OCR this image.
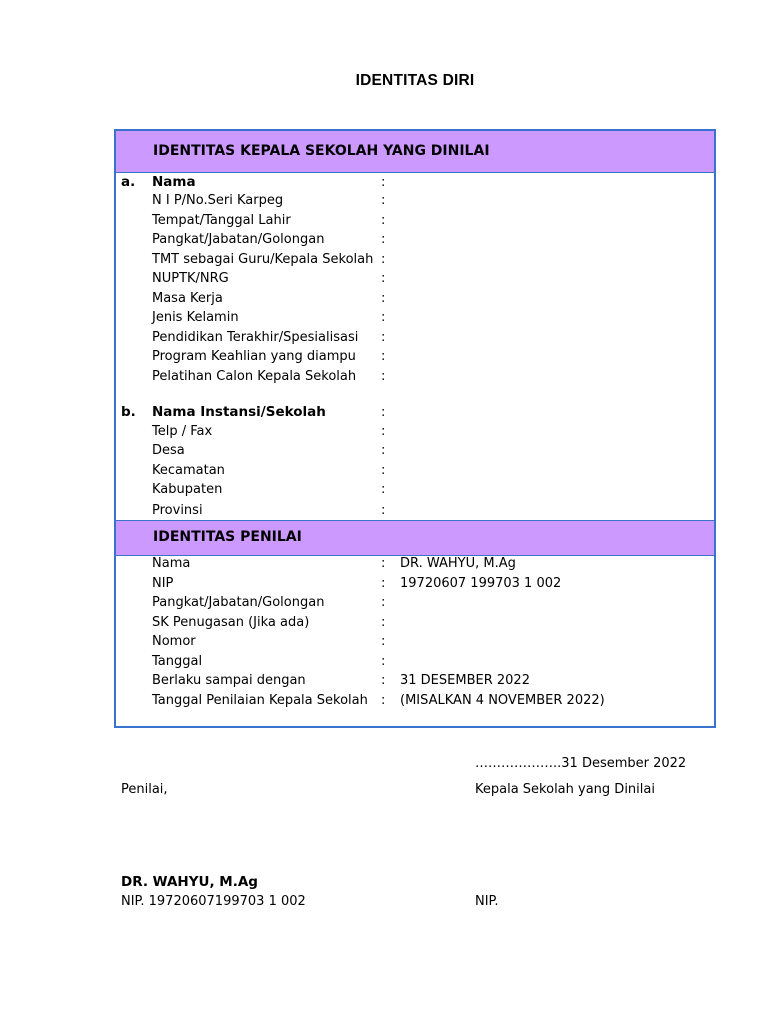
IDENTITAS DIRI
IDENTITAS KEPALA SEKOLAH YANG DINILAI
IDENTITAS PENILAI
a. Nama
N I P/No.Seri Karpeg
Tempat/Tanggal Lahir
Pangkat/Jabatan/Golongan
TMT sebagai Guru/Kepala Sekolah
NUPTK/NRG
Masa Kerja
Jenis Kelamin
Pendidikan Terakhir/Spesialisasi
Program Keahlian yang diampu
Pelatihan Calon Kepala Sekolah
:
:
:
:
:
:
:
:
:
:
:
b. Nama Instansi/Sekolah
Telp / Fax
Desa
Kecamatan
Kabupaten
Provinsi
:
:
:
:
:
:
Nama
NIP
Pangkat/Jabatan/Golongan
SK Penugasan (Jika ada)
Nomor
Tanggal
Berlaku sampai dengan
Tanggal Penilaian Kepala Sekolah
:
:
:
:
:
:
:
:
DR. WAHYU, M.Ag
19720607 199703 1 002
31 DESEMBER 2022
(MISALKAN 4 NOVEMBER 2022)
………………..31 Desember 2022
Penilai,	Kepala Sekolah yang Dinilai
DR. WAHYU, M.Ag
NIP. 19720607199703 1 002	NIP.
